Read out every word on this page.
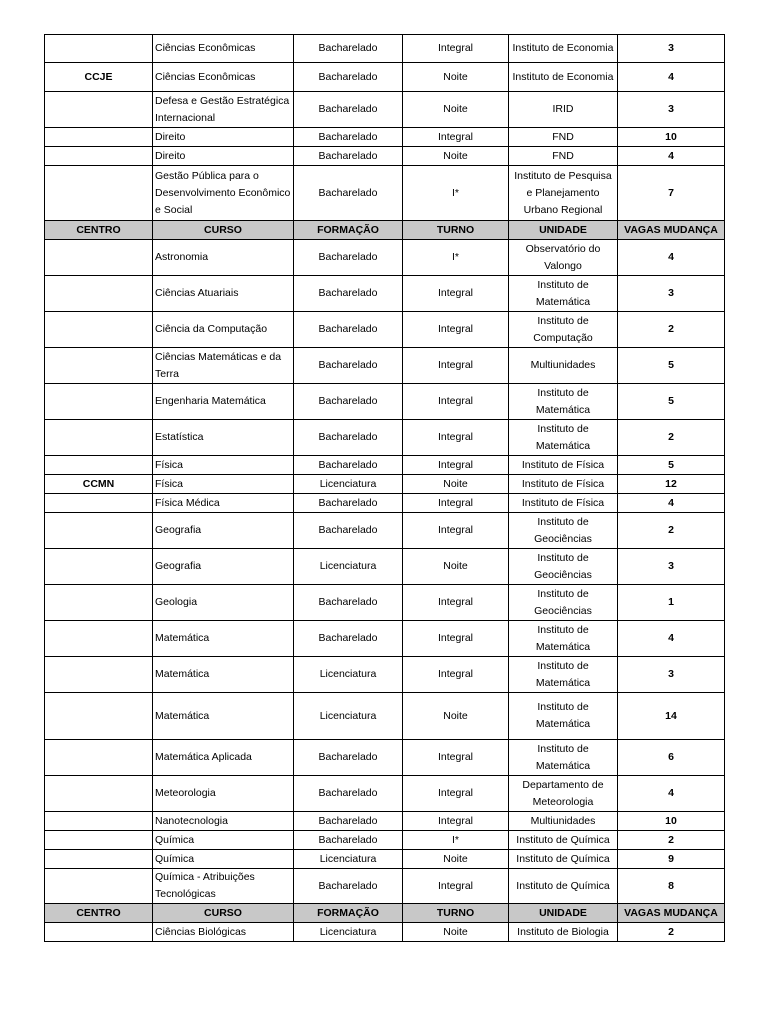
	Ciências Econômicas	Bacharelado	Integral	Instituto de Economia	3
CCJE	Ciências Econômicas	Bacharelado	Noite	Instituto de Economia	4
	Defesa e Gestão Estratégica Internacional	Bacharelado	Noite	IRID	3
	Direito	Bacharelado	Integral	FND	10
	Direito	Bacharelado	Noite	FND	4
	Gestão Pública para o Desenvolvimento Econômico e Social	Bacharelado	I*	Instituto de Pesquisa e Planejamento Urbano Regional	7
CENTRO	CURSO	FORMAÇÃO	TURNO	UNIDADE	VAGAS MUDANÇA
	Astronomia	Bacharelado	I*	Observatório do Valongo	4
	Ciências Atuariais	Bacharelado	Integral	Instituto de Matemática	3
	Ciência da Computação	Bacharelado	Integral	Instituto de Computação	2
	Ciências Matemáticas e da Terra	Bacharelado	Integral	Multiunidades	5
	Engenharia Matemática	Bacharelado	Integral	Instituto de Matemática	5
	Estatística	Bacharelado	Integral	Instituto de Matemática	2
	Física	Bacharelado	Integral	Instituto de Física	5
CCMN	Física	Licenciatura	Noite	Instituto de Física	12
	Física Médica	Bacharelado	Integral	Instituto de Física	4
	Geografia	Bacharelado	Integral	Instituto de Geociências	2
	Geografia	Licenciatura	Noite	Instituto de Geociências	3
	Geologia	Bacharelado	Integral	Instituto de Geociências	1
	Matemática	Bacharelado	Integral	Instituto de Matemática	4
	Matemática	Licenciatura	Integral	Instituto de Matemática	3
	Matemática	Licenciatura	Noite	Instituto de Matemática	14
	Matemática Aplicada	Bacharelado	Integral	Instituto de Matemática	6
	Meteorologia	Bacharelado	Integral	Departamento de Meteorologia	4
	Nanotecnologia	Bacharelado	Integral	Multiunidades	10
	Química	Bacharelado	I*	Instituto de Química	2
	Química	Licenciatura	Noite	Instituto de Química	9
	Química - Atribuições Tecnológicas	Bacharelado	Integral	Instituto de Química	8
CENTRO	CURSO	FORMAÇÃO	TURNO	UNIDADE	VAGAS MUDANÇA
	Ciências Biológicas	Licenciatura	Noite	Instituto de Biologia	2
